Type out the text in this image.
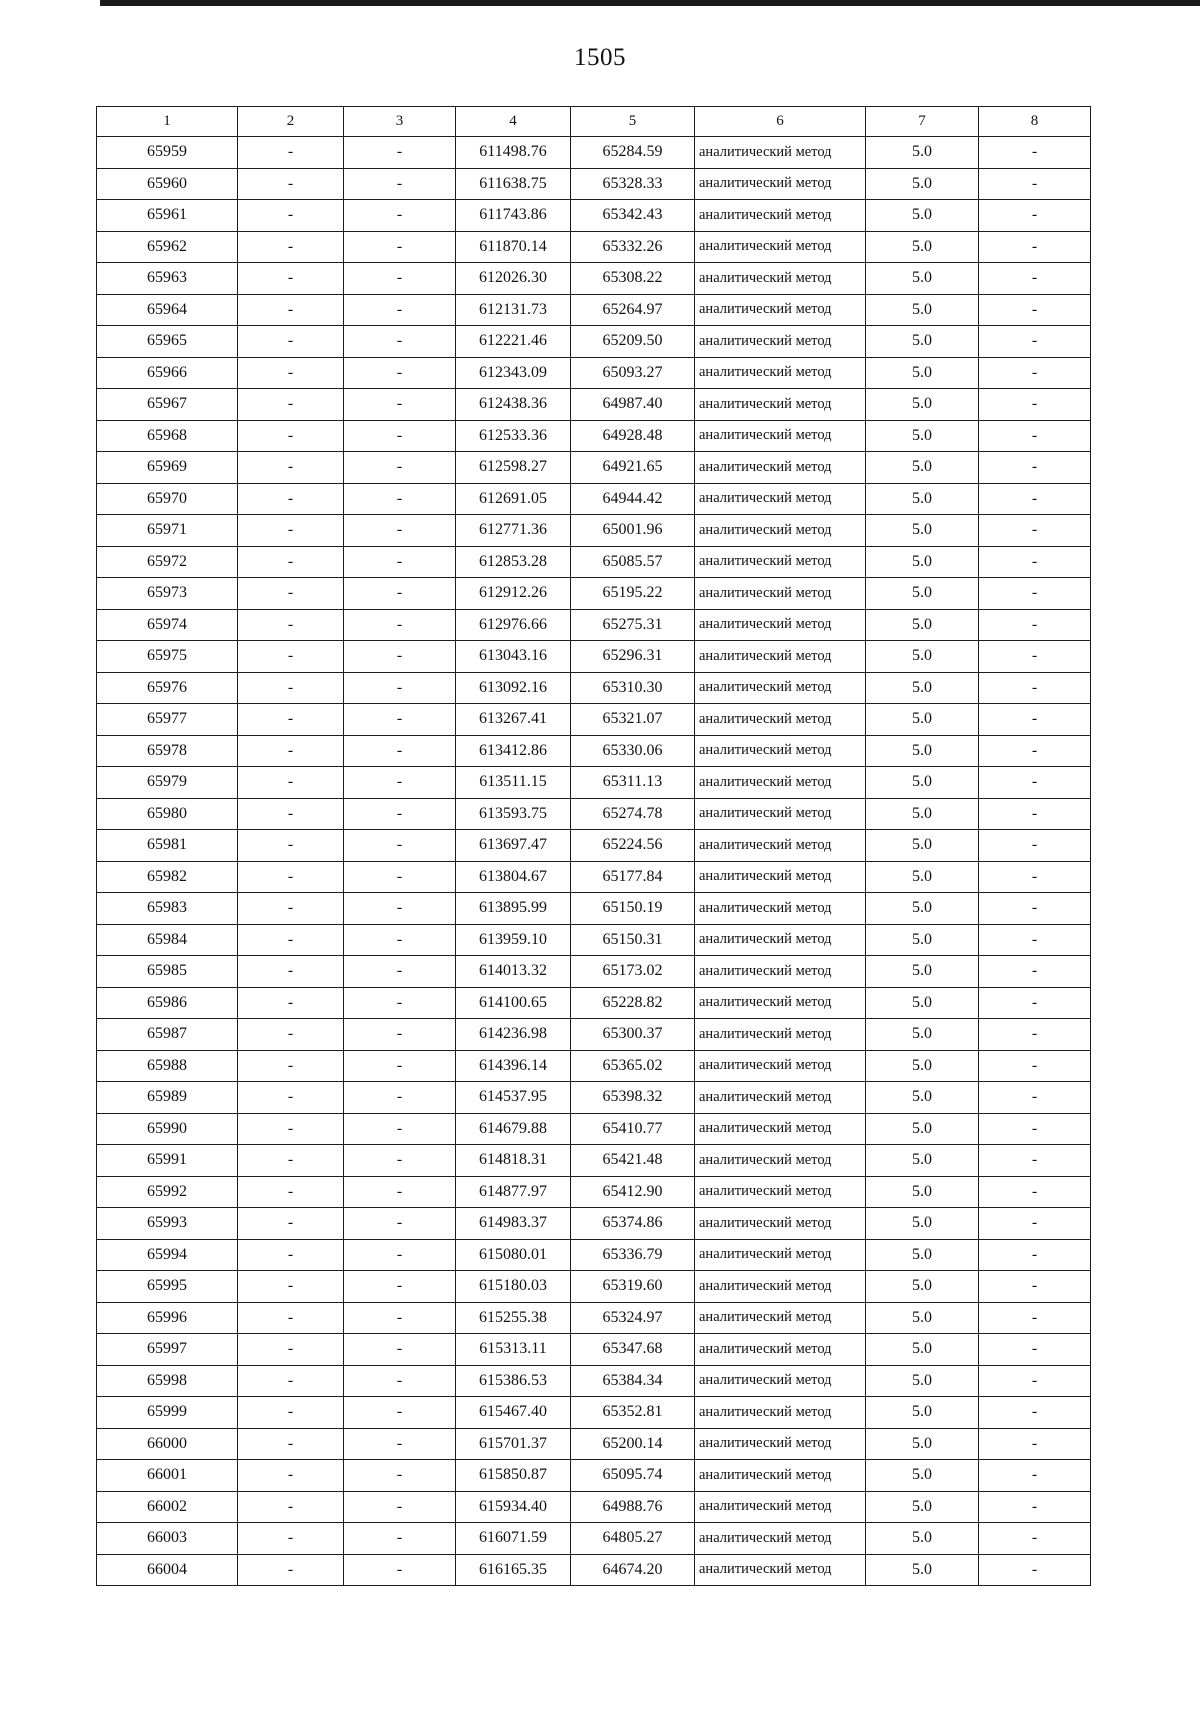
1505
1	2	3	4	5	6	7	8
65959	-	-	611498.76	65284.59	аналитический метод	5.0	-
65960	-	-	611638.75	65328.33	аналитический метод	5.0	-
65961	-	-	611743.86	65342.43	аналитический метод	5.0	-
65962	-	-	611870.14	65332.26	аналитический метод	5.0	-
65963	-	-	612026.30	65308.22	аналитический метод	5.0	-
65964	-	-	612131.73	65264.97	аналитический метод	5.0	-
65965	-	-	612221.46	65209.50	аналитический метод	5.0	-
65966	-	-	612343.09	65093.27	аналитический метод	5.0	-
65967	-	-	612438.36	64987.40	аналитический метод	5.0	-
65968	-	-	612533.36	64928.48	аналитический метод	5.0	-
65969	-	-	612598.27	64921.65	аналитический метод	5.0	-
65970	-	-	612691.05	64944.42	аналитический метод	5.0	-
65971	-	-	612771.36	65001.96	аналитический метод	5.0	-
65972	-	-	612853.28	65085.57	аналитический метод	5.0	-
65973	-	-	612912.26	65195.22	аналитический метод	5.0	-
65974	-	-	612976.66	65275.31	аналитический метод	5.0	-
65975	-	-	613043.16	65296.31	аналитический метод	5.0	-
65976	-	-	613092.16	65310.30	аналитический метод	5.0	-
65977	-	-	613267.41	65321.07	аналитический метод	5.0	-
65978	-	-	613412.86	65330.06	аналитический метод	5.0	-
65979	-	-	613511.15	65311.13	аналитический метод	5.0	-
65980	-	-	613593.75	65274.78	аналитический метод	5.0	-
65981	-	-	613697.47	65224.56	аналитический метод	5.0	-
65982	-	-	613804.67	65177.84	аналитический метод	5.0	-
65983	-	-	613895.99	65150.19	аналитический метод	5.0	-
65984	-	-	613959.10	65150.31	аналитический метод	5.0	-
65985	-	-	614013.32	65173.02	аналитический метод	5.0	-
65986	-	-	614100.65	65228.82	аналитический метод	5.0	-
65987	-	-	614236.98	65300.37	аналитический метод	5.0	-
65988	-	-	614396.14	65365.02	аналитический метод	5.0	-
65989	-	-	614537.95	65398.32	аналитический метод	5.0	-
65990	-	-	614679.88	65410.77	аналитический метод	5.0	-
65991	-	-	614818.31	65421.48	аналитический метод	5.0	-
65992	-	-	614877.97	65412.90	аналитический метод	5.0	-
65993	-	-	614983.37	65374.86	аналитический метод	5.0	-
65994	-	-	615080.01	65336.79	аналитический метод	5.0	-
65995	-	-	615180.03	65319.60	аналитический метод	5.0	-
65996	-	-	615255.38	65324.97	аналитический метод	5.0	-
65997	-	-	615313.11	65347.68	аналитический метод	5.0	-
65998	-	-	615386.53	65384.34	аналитический метод	5.0	-
65999	-	-	615467.40	65352.81	аналитический метод	5.0	-
66000	-	-	615701.37	65200.14	аналитический метод	5.0	-
66001	-	-	615850.87	65095.74	аналитический метод	5.0	-
66002	-	-	615934.40	64988.76	аналитический метод	5.0	-
66003	-	-	616071.59	64805.27	аналитический метод	5.0	-
66004	-	-	616165.35	64674.20	аналитический метод	5.0	-
